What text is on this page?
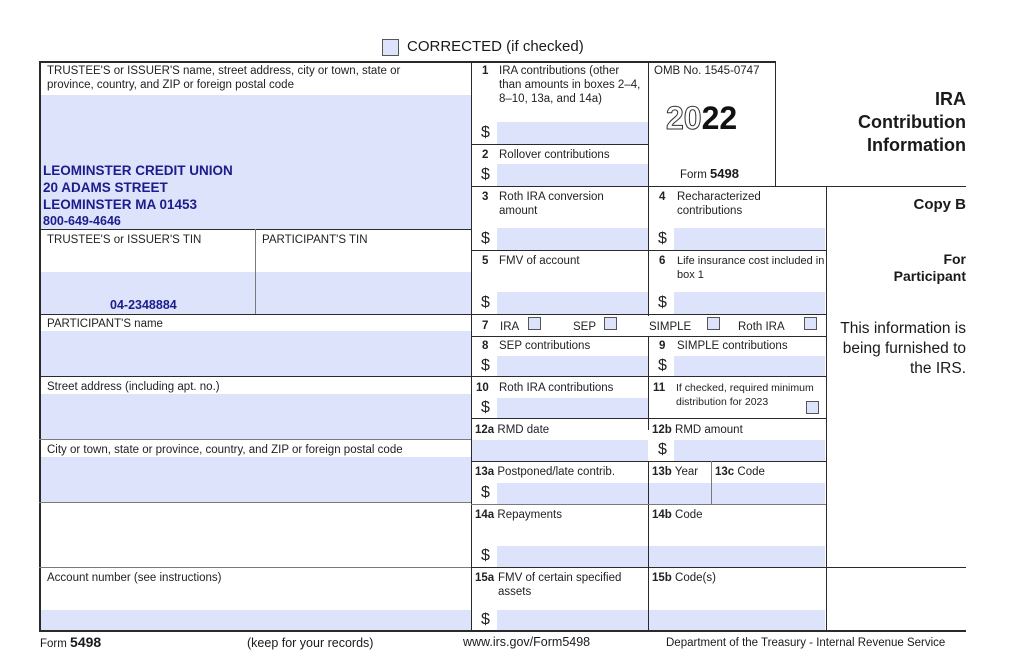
CORRECTED (if checked)
TRUSTEE'S or ISSUER'S name, street address, city or town, state or province, country, and ZIP or foreign postal code
LEOMINSTER CREDIT UNION
20 ADAMS STREET
LEOMINSTER MA 01453
800-649-4646
TRUSTEE'S or ISSUER'S TIN
04-2348884
PARTICIPANT'S TIN
PARTICIPANT'S name
Street address (including apt. no.)
City or town, state or province, country, and ZIP or foreign postal code
Account number (see instructions)
OMB No. 1545-0747
2022
Form 5498
IRA
Contribution
Information
Copy B
For
Participant
This information is being furnished to the IRS.
1 IRA contributions (other than amounts in boxes 2–4, 8–10, 13a, and 14a)
$
2 Rollover contributions
$
3 Roth IRA conversion amount
$
4 Recharacterized contributions
$
5 FMV of account
$
6 Life insurance cost included in box 1
$
7 IRA	SEP	SIMPLE	Roth IRA
8 SEP contributions
$
9 SIMPLE contributions
$
10 Roth IRA contributions
$
11 If checked, required minimum distribution for 2023
12a RMD date	12b RMD amount
$
13a Postponed/late contrib.
$
13b Year 13c Code
14a Repayments
$
14b Code
15a FMV of certain specified assets
$
15b Code(s)
Form 5498	(keep for your records)	www.irs.gov/Form5498	Department of the Treasury - Internal Revenue Service
